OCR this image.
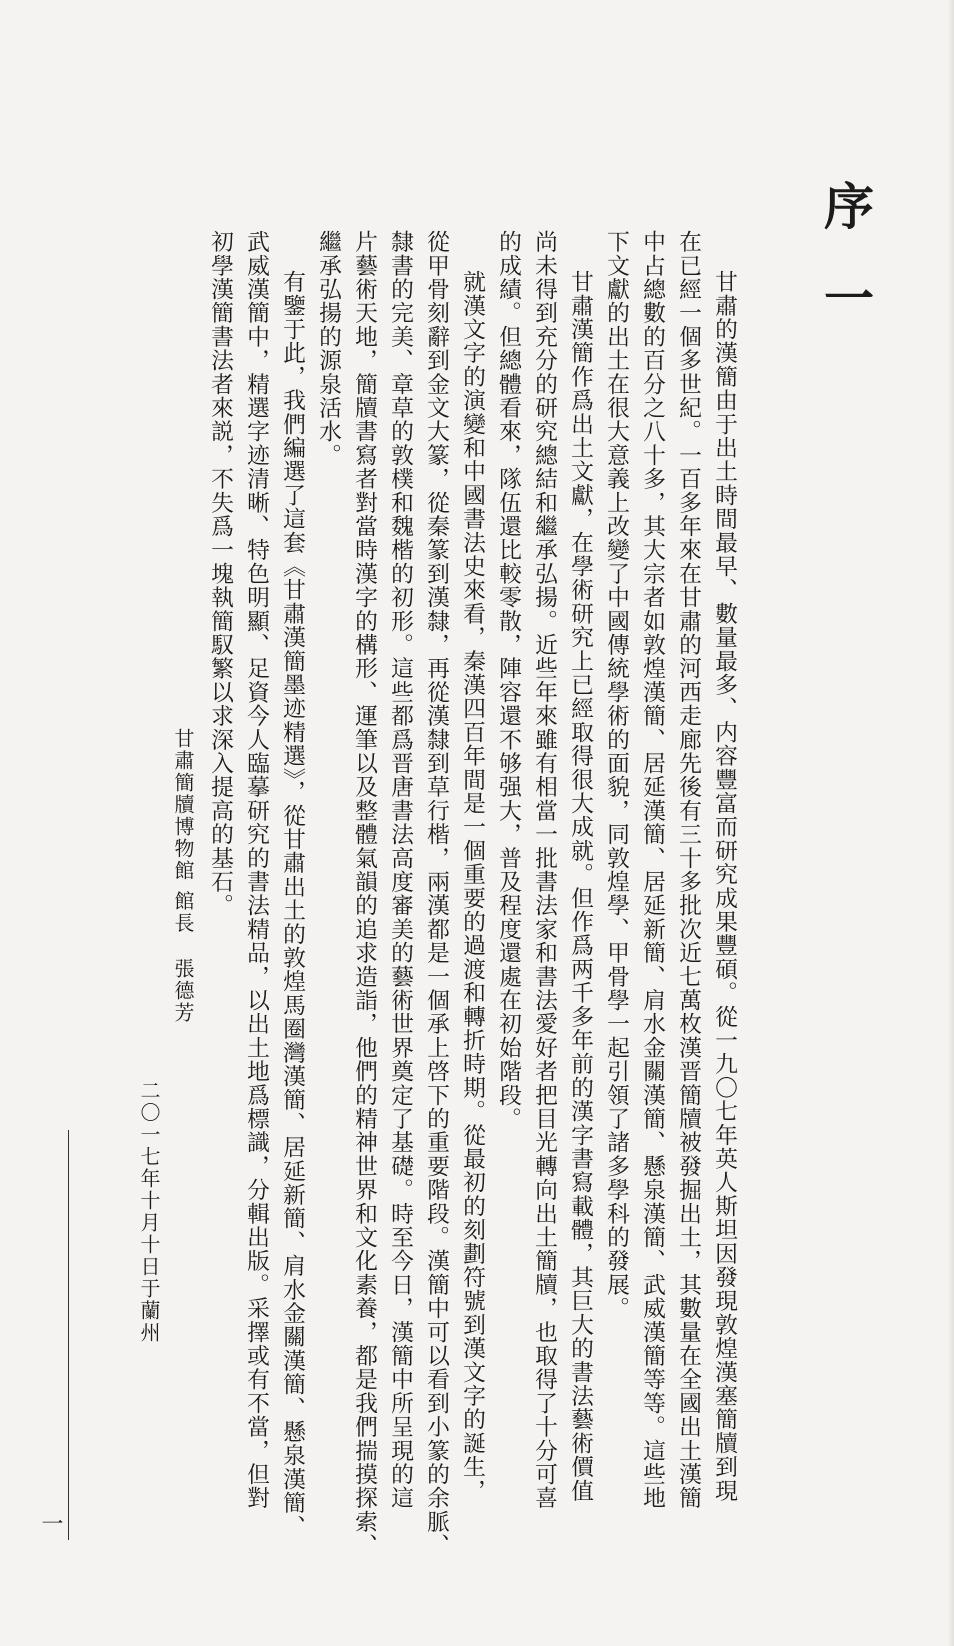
序一

甘肅的漢簡由于出土時間最早、數量最多、内容豐富而研究成果豐碩。從一九〇七年英人斯坦因發現敦煌漢塞簡牘到現

在已經一個多世紀。一百多年來在甘肅的河西走廊先後有三十多批次近七萬枚漢晋簡牘被發掘出土，其數量在全國出土漢簡

中占總數的百分之八十多，其大宗者如敦煌漢簡、居延漢簡、居延新簡、肩水金關漢簡、懸泉漢簡、武威漢簡等等。這些地

下文獻的出土在很大意義上改變了中國傳統學術的面貌，同敦煌學、甲骨學一起引領了諸多學科的發展。

甘肅漢簡作爲出土文獻，在學術研究上已經取得很大成就。但作爲两千多年前的漢字書寫載體，其巨大的書法藝術價值

尚未得到充分的研究總結和繼承弘揚。近些年來雖有相當一批書法家和書法愛好者把目光轉向出土簡牘，也取得了十分可喜

的成績。但總體看來，隊伍還比較零散，陣容還不够强大，普及程度還處在初始階段。

就漢文字的演變和中國書法史來看，秦漢四百年間是一個重要的過渡和轉折時期。從最初的刻劃符號到漢文字的誕生，

從甲骨刻辭到金文大篆，從秦篆到漢隸，再從漢隸到草行楷，兩漢都是一個承上啓下的重要階段。漢簡中可以看到小篆的余脈、

隸書的完美、章草的敦樸和魏楷的初形。這些都爲晋唐書法高度審美的藝術世界奠定了基礎。時至今日，漢簡中所呈現的這

片藝術天地，簡牘書寫者對當時漢字的構形、運筆以及整體氣韻的追求造詣，他們的精神世界和文化素養，都是我們揣摸探索、

繼承弘揚的源泉活水。

有鑒于此，我們編選了這套《甘肅漢簡墨迹精選》，從甘肅出土的敦煌馬圈灣漢簡、居延新簡、肩水金關漢簡、懸泉漢簡、

武威漢簡中，精選字迹清晰、特色明顯、足資今人臨摹研究的書法精品，以出土地爲標識，分輯出版。采擇或有不當，但對

初學漢簡書法者來説，不失爲一塊執簡馭繁以求深入提高的基石。

甘肅簡牘博物館 館長

張德芳

二〇一七年十月十日于蘭州

一
